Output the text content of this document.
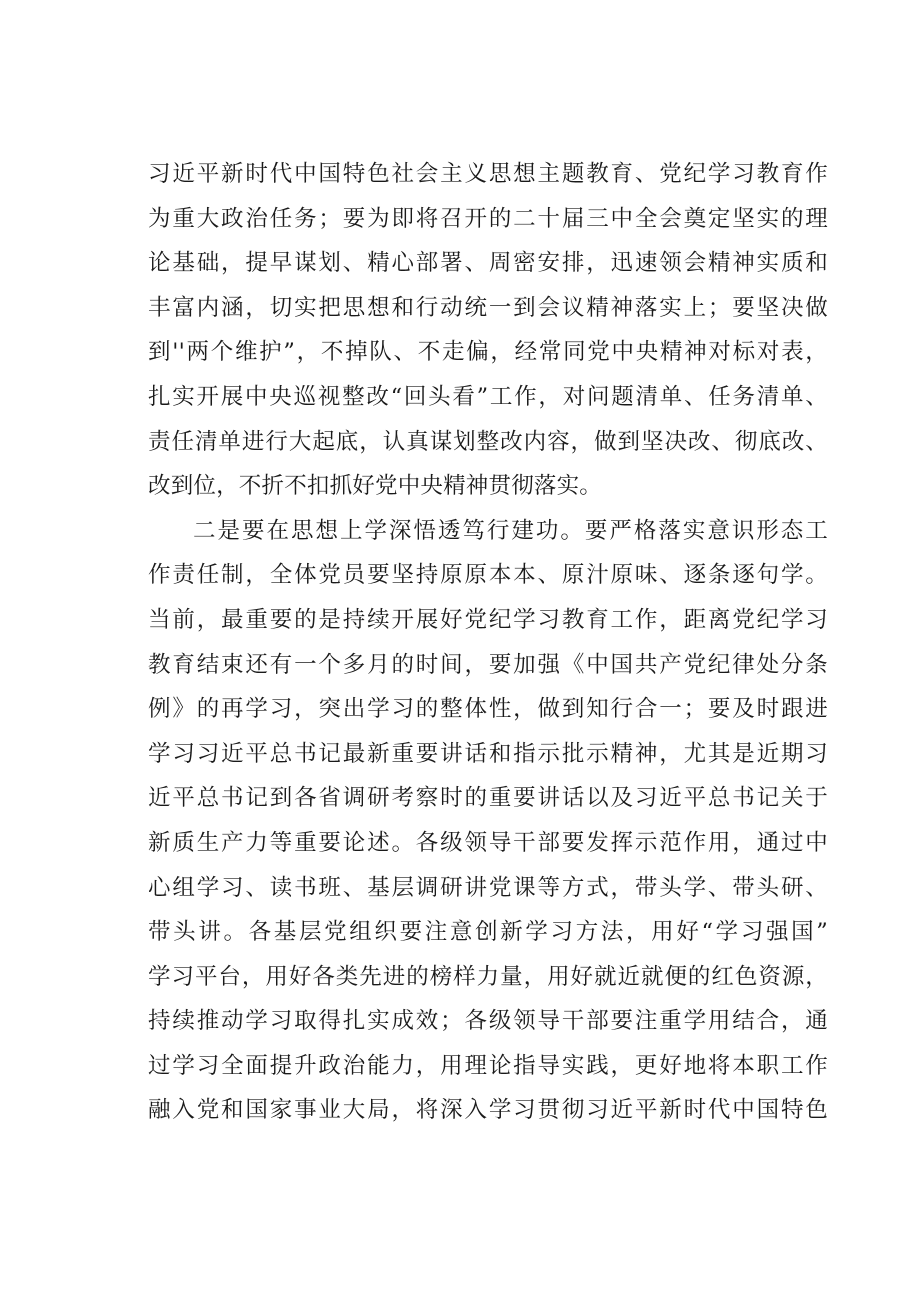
习近平新时代中国特色社会主义思想主题教育、党纪学习教育作
为重大政治任务；要为即将召开的二十届三中全会奠定坚实的理
论基础，提早谋划、精心部署、周密安排，迅速领会精神实质和
丰富内涵，切实把思想和行动统一到会议精神落实上；要坚决做
到''两个维护”，不掉队、不走偏，经常同党中央精神对标对表，
扎实开展中央巡视整改“回头看”工作，对问题清单、任务清单、
责任清单进行大起底，认真谋划整改内容，做到坚决改、彻底改、
改到位，不折不扣抓好党中央精神贯彻落实。
二是要在思想上学深悟透笃行建功。要严格落实意识形态工
作责任制，全体党员要坚持原原本本、原汁原味、逐条逐句学。
当前，最重要的是持续开展好党纪学习教育工作，距离党纪学习
教育结束还有一个多月的时间，要加强《中国共产党纪律处分条
例》的再学习，突出学习的整体性，做到知行合一；要及时跟进
学习习近平总书记最新重要讲话和指示批示精神，尤其是近期习
近平总书记到各省调研考察时的重要讲话以及习近平总书记关于
新质生产力等重要论述。各级领导干部要发挥示范作用，通过中
心组学习、读书班、基层调研讲党课等方式，带头学、带头研、
带头讲。各基层党组织要注意创新学习方法，用好“学习强国”
学习平台，用好各类先进的榜样力量，用好就近就便的红色资源，
持续推动学习取得扎实成效；各级领导干部要注重学用结合，通
过学习全面提升政治能力，用理论指导实践，更好地将本职工作
融入党和国家事业大局，将深入学习贯彻习近平新时代中国特色
